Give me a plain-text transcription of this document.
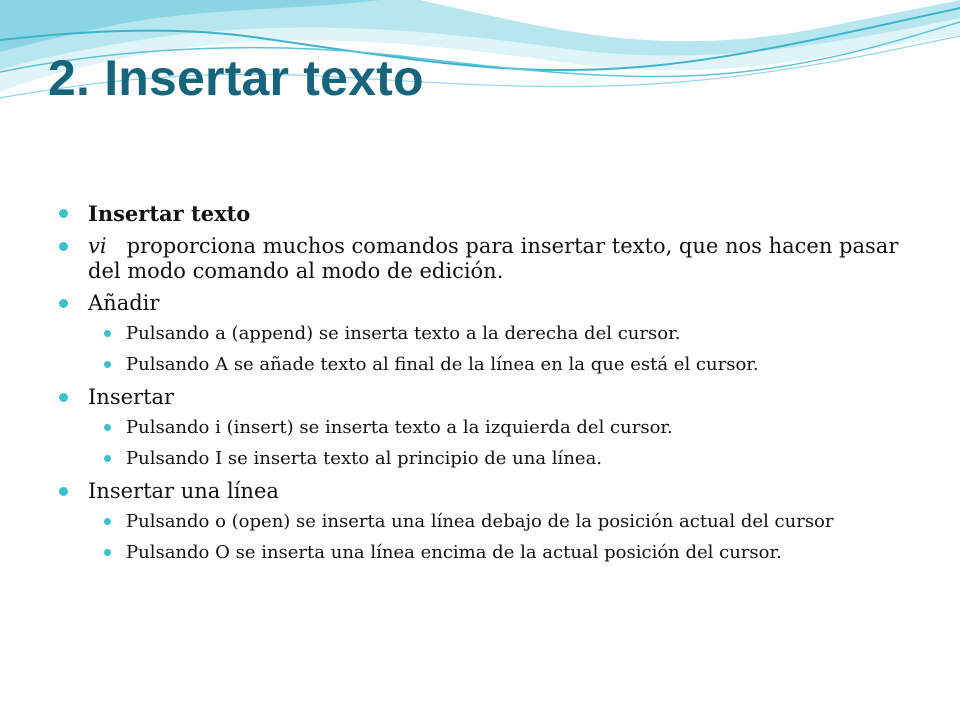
2. Insertar texto
Insertar texto
vi proporciona muchos comandos para insertar texto, que nos hacen pasar del modo comando al modo de edición.
Añadir
Pulsando a (append) se inserta texto a la derecha del cursor.
Pulsando A se añade texto al final de la línea en la que está el cursor.
Insertar
Pulsando i (insert) se inserta texto a la izquierda del cursor.
Pulsando I se inserta texto al principio de una línea.
Insertar una línea
Pulsando o (open) se inserta una línea debajo de la posición actual del cursor
Pulsando O se inserta una línea encima de la actual posición del cursor.
